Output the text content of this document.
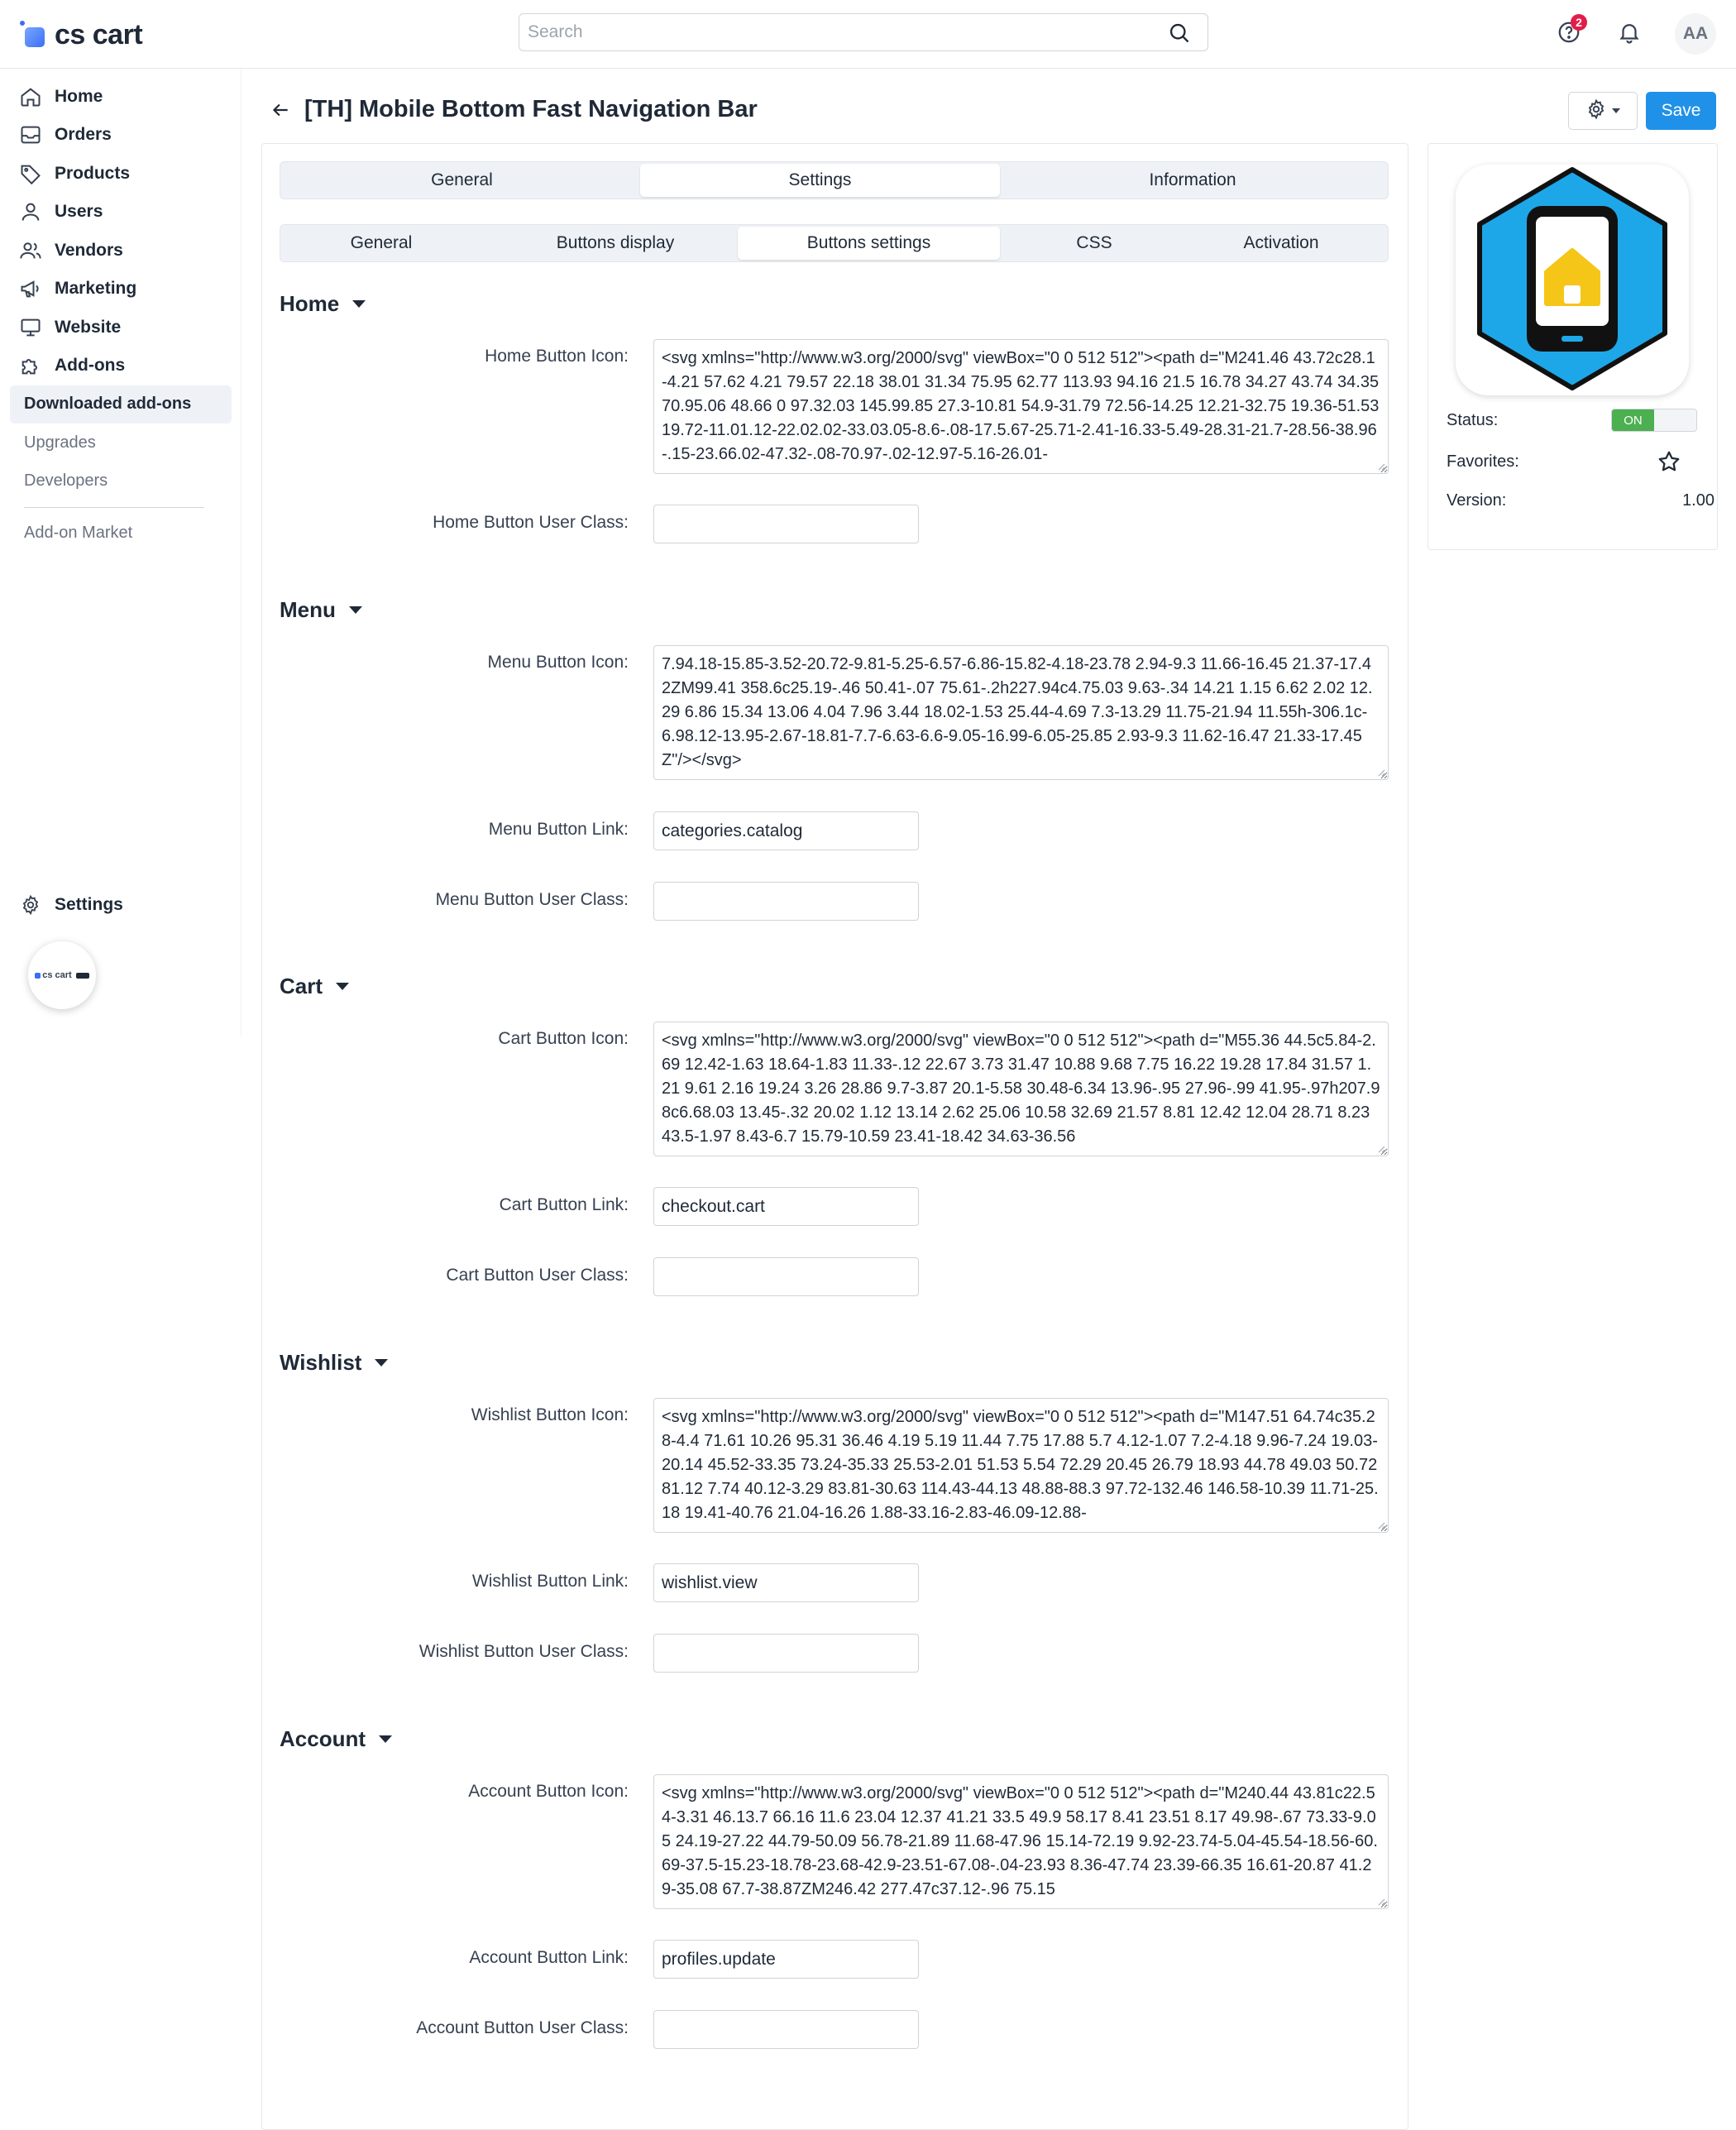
cs cart
Search	2
AA
Home
Orders
Products
Users
Vendors
Marketing
Website
Add-ons
Downloaded add-ons
Upgrades
Developers
Add-on Market
Settings
cs cart
[TH] Mobile Bottom Fast Navigation Bar	Save
General	Settings	Information
General	Buttons display	Buttons settings	CSS	Activation
Home
Home Button Icon: <svg xmlns="http://www.w3.org/2000/svg" viewBox="0 0 512 512"><path d="M241.46 43.72c28.1-4.21 57.62 4.21 79.57 22.18 38.01 31.34 75.95 62.77 113.93 94.16 21.5 16.78 34.27 43.74 34.35 70.95.06 48.66 0 97.32.03 145.99.85 27.3-10.81 54.9-31.79 72.56-14.25 12.21-32.75 19.36-51.53 19.72-11.01.12-22.02.02-33.03.05-8.6-.08-17.5.67-25.71-2.41-16.33-5.49-28.31-21.7-28.56-38.96-.15-23.66.02-47.32-.08-70.97-.02-12.97-5.16-26.01-
Home Button User Class:
Menu
Menu Button Icon: 7.94.18-15.85-3.52-20.72-9.81-5.25-6.57-6.86-15.82-4.18-23.78 2.94-9.3 11.66-16.45 21.37-17.42ZM99.41 358.6c25.19-.46 50.41-.07 75.61-.2h227.94c4.75.03 9.63-.34 14.21 1.15 6.62 2.02 12.29 6.86 15.34 13.06 4.04 7.96 3.44 18.02-1.53 25.44-4.69 7.3-13.29 11.75-21.94 11.55h-306.1c-6.98.12-13.95-2.67-18.81-7.7-6.63-6.6-9.05-16.99-6.05-25.85 2.93-9.3 11.62-16.47 21.33-17.45Z"/></svg>
Menu Button Link:
categories.catalog
Menu Button User Class:
Cart
Cart Button Icon: <svg xmlns="http://www.w3.org/2000/svg" viewBox="0 0 512 512"><path d="M55.36 44.5c5.84-2.69 12.42-1.63 18.64-1.83 11.33-.12 22.67 3.73 31.47 10.88 9.68 7.75 16.22 19.28 17.84 31.57 1.21 9.61 2.16 19.24 3.26 28.86 9.7-3.87 20.1-5.58 30.48-6.34 13.96-.95 27.96-.99 41.95-.97h207.98c6.68.03 13.45-.32 20.02 1.12 13.14 2.62 25.06 10.58 32.69 21.57 8.81 12.42 12.04 28.71 8.23 43.5-1.97 8.43-6.7 15.79-10.59 23.41-18.42 34.63-36.56
Cart Button Link:
checkout.cart
Cart Button User Class:
Wishlist
Wishlist Button Icon: <svg xmlns="http://www.w3.org/2000/svg" viewBox="0 0 512 512"><path d="M147.51 64.74c35.28-4.4 71.61 10.26 95.31 36.46 4.19 5.19 11.44 7.75 17.88 5.7 4.12-1.07 7.2-4.18 9.96-7.24 19.03-20.14 45.52-33.35 73.24-35.33 25.53-2.01 51.53 5.54 72.29 20.45 26.79 18.93 44.78 49.03 50.72 81.12 7.74 40.12-3.29 83.81-30.63 114.43-44.13 48.88-88.3 97.72-132.46 146.58-10.39 11.71-25.18 19.41-40.76 21.04-16.26 1.88-33.16-2.83-46.09-12.88-
Wishlist Button Link:
wishlist.view
Wishlist Button User Class:
Account
Account Button Icon: <svg xmlns="http://www.w3.org/2000/svg" viewBox="0 0 512 512"><path d="M240.44 43.81c22.54-3.31 46.13.7 66.16 11.6 23.04 12.37 41.21 33.5 49.9 58.17 8.41 23.51 8.17 49.98-.67 73.33-9.05 24.19-27.22 44.79-50.09 56.78-21.89 11.68-47.96 15.14-72.19 9.92-23.74-5.04-45.54-18.56-60.69-37.5-15.23-18.78-23.68-42.9-23.51-67.08-.04-23.93 8.36-47.74 23.39-66.35 16.61-20.87 41.29-35.08 67.7-38.87ZM246.42 277.47c37.12-.96 75.15
Account Button Link:
profiles.update
Account Button User Class:
Status:	ON
Favorites:
Version:	1.00
